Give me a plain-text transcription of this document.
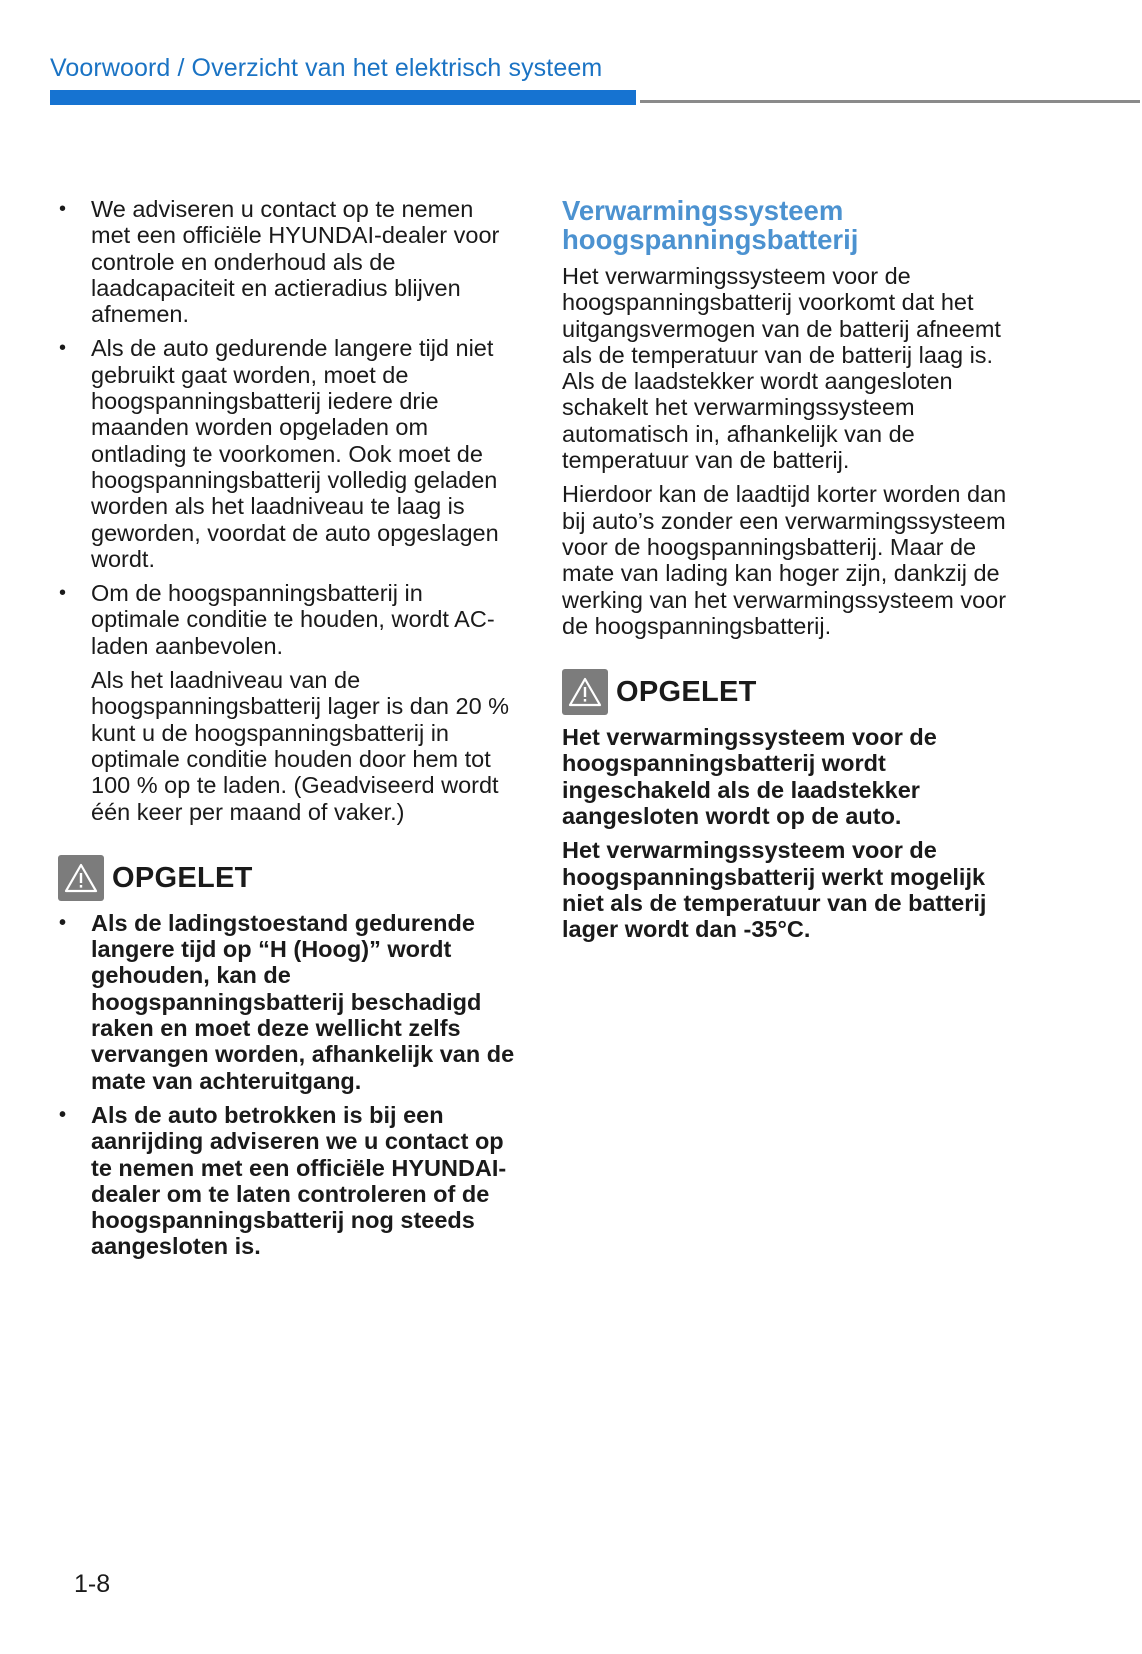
Voorwoord / Overzicht van het elektrisch systeem
• We adviseren u contact op te nemen met een officiële HYUNDAI-dealer voor controle en onderhoud als de laadcapaciteit en actieradius blijven afnemen.
• Als de auto gedurende langere tijd niet gebruikt gaat worden, moet de hoogspanningsbatterij iedere drie maanden worden opgeladen om ontlading te voorkomen. Ook moet de hoogspanningsbatterij volledig geladen worden als het laadniveau te laag is geworden, voordat de auto opgeslagen wordt.
• Om de hoogspanningsbatterij in optimale conditie te houden, wordt AC-laden aanbevolen.

Als het laadniveau van de hoogspanningsbatterij lager is dan 20 % kunt u de hoogspanningsbatterij in optimale conditie houden door hem tot 100 % op te laden. (Geadviseerd wordt één keer per maand of vaker.)

OPGELET
• Als de ladingstoestand gedurende langere tijd op “H (Hoog)” wordt gehouden, kan de hoogspanningsbatterij beschadigd raken en moet deze wellicht zelfs vervangen worden, afhankelijk van de mate van achteruitgang.
• Als de auto betrokken is bij een aanrijding adviseren we u contact op te nemen met een officiële HYUNDAI-dealer om te laten controleren of de hoogspanningsbatterij nog steeds aangesloten is.
Verwarmingssysteem
hoogspanningsbatterij

Het verwarmingssysteem voor de hoogspanningsbatterij voorkomt dat het uitgangsvermogen van de batterij afneemt als de temperatuur van de batterij laag is. Als de laadstekker wordt aangesloten schakelt het verwarmingssysteem automatisch in, afhankelijk van de temperatuur van de batterij.

Hierdoor kan de laadtijd korter worden dan bij auto’s zonder een verwarmingssysteem voor de hoogspanningsbatterij. Maar de mate van lading kan hoger zijn, dankzij de werking van het verwarmingssysteem voor de hoogspanningsbatterij.

OPGELET

Het verwarmingssysteem voor de hoogspanningsbatterij wordt ingeschakeld als de laadstekker aangesloten wordt op de auto.

Het verwarmingssysteem voor de hoogspanningsbatterij werkt mogelijk niet als de temperatuur van de batterij lager wordt dan -35°C.

1-8
